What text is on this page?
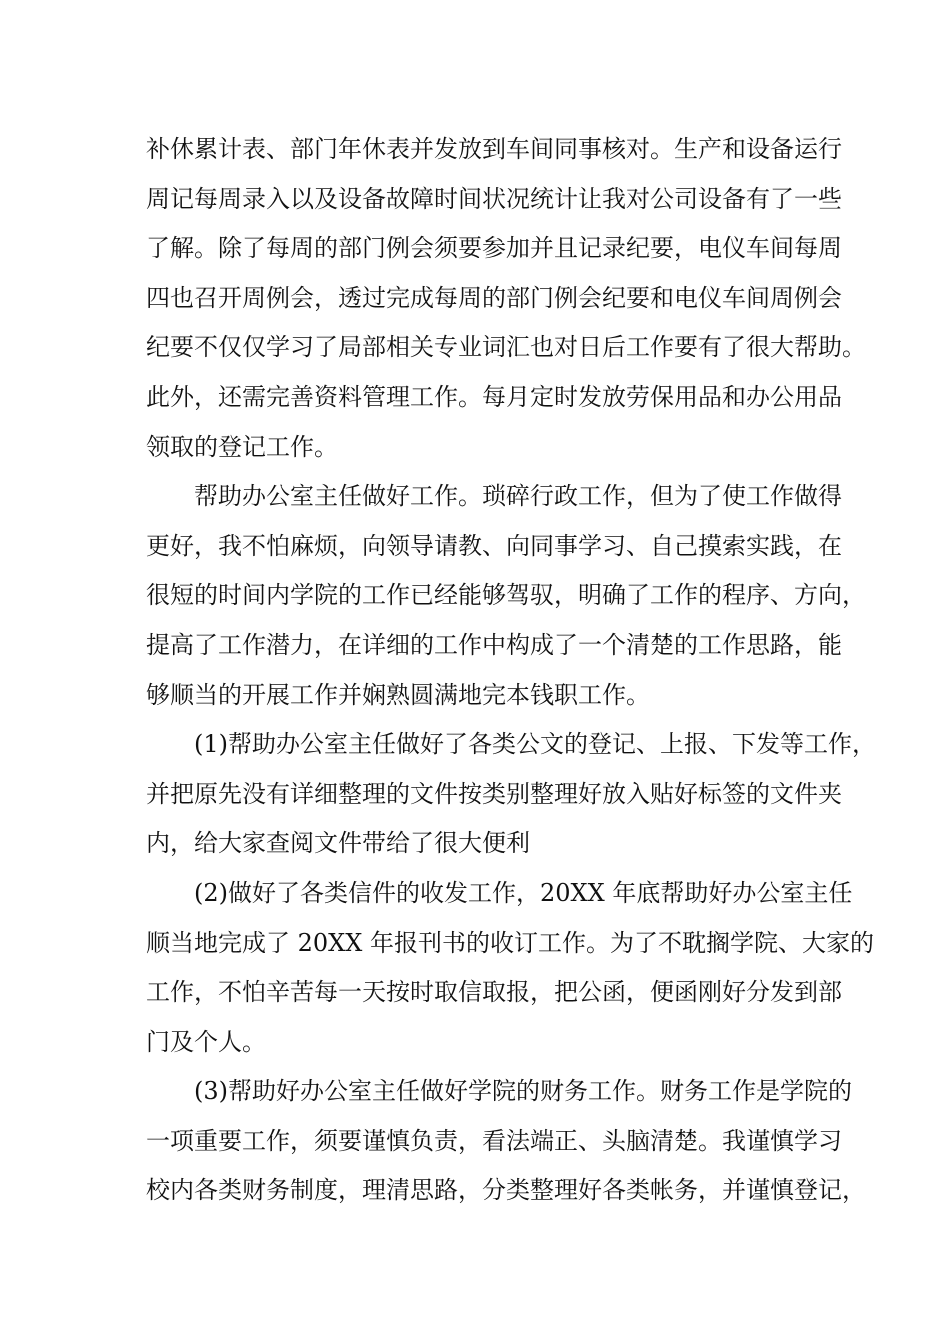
补休累计表、部门年休表并发放到车间同事核对。生产和设备运行
周记每周录入以及设备故障时间状况统计让我对公司设备有了一些
了解。除了每周的部门例会须要参加并且记录纪要，电仪车间每周
四也召开周例会，透过完成每周的部门例会纪要和电仪车间周例会
纪要不仅仅学习了局部相关专业词汇也对日后工作要有了很大帮助。
此外，还需完善资料管理工作。每月定时发放劳保用品和办公用品
领取的登记工作。
帮助办公室主任做好工作。琐碎行政工作，但为了使工作做得
更好，我不怕麻烦，向领导请教、向同事学习、自己摸索实践，在
很短的时间内学院的工作已经能够驾驭，明确了工作的程序、方向，
提高了工作潜力，在详细的工作中构成了一个清楚的工作思路，能
够顺当的开展工作并娴熟圆满地完本钱职工作。
(1)帮助办公室主任做好了各类公文的登记、上报、下发等工作，
并把原先没有详细整理的文件按类别整理好放入贴好标签的文件夹
内，给大家查阅文件带给了很大便利
(2)做好了各类信件的收发工作，20XX 年底帮助好办公室主任
顺当地完成了 20XX 年报刊书的收订工作。为了不耽搁学院、大家的
工作，不怕辛苦每一天按时取信取报，把公函，便函刚好分发到部
门及个人。
(3)帮助好办公室主任做好学院的财务工作。财务工作是学院的
一项重要工作，须要谨慎负责，看法端正、头脑清楚。我谨慎学习
校内各类财务制度，理清思路，分类整理好各类帐务，并谨慎登记，
